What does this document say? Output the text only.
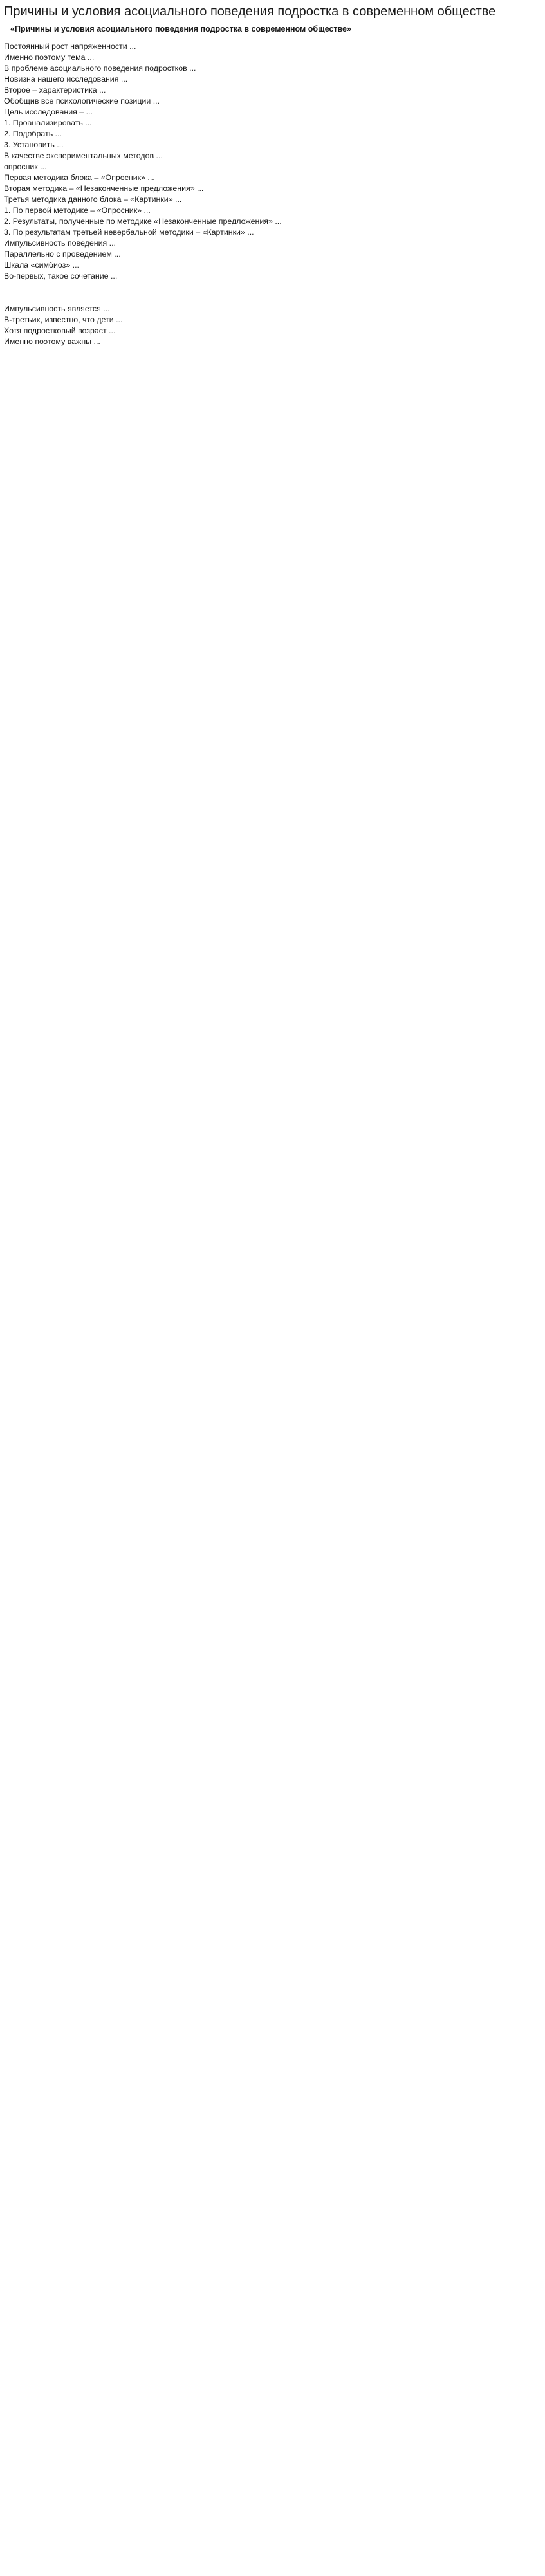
Причины и условия асоциального поведения подростка в современном обществе
«Причины и условия асоциального поведения подростка в современном обществе»

Постоянный рост напряженности ...

Именно поэтому тема ...

В проблеме асоциального поведения подростков ...

Новизна нашего исследования ...

Второе – характеристика ...

Обобщив все психологические позиции ...

Цель исследования – ...

1. Проанализировать ...

2. Подобрать ...

3. Установить ...

В качестве экспериментальных методов ...

опросник ...

Первая методика блока – «Опросник» ...

Вторая методика – «Незаконченные предложения» ...

Третья методика данного блока – «Картинки» ...

1. По первой методике – «Опросник» ...

2. Результаты, полученные по методике «Незаконченные предложения» ...

3. По результатам третьей невербальной методики – «Картинки» ...

Импульсивность поведения ...

Параллельно с проведением ...

Шкала «симбиоз» ...

Во-первых, такое сочетание ...

Импульсивность является ...

В-третьих, известно, что дети ...

Хотя подростковый возраст ...

Именно поэтому важны ...
